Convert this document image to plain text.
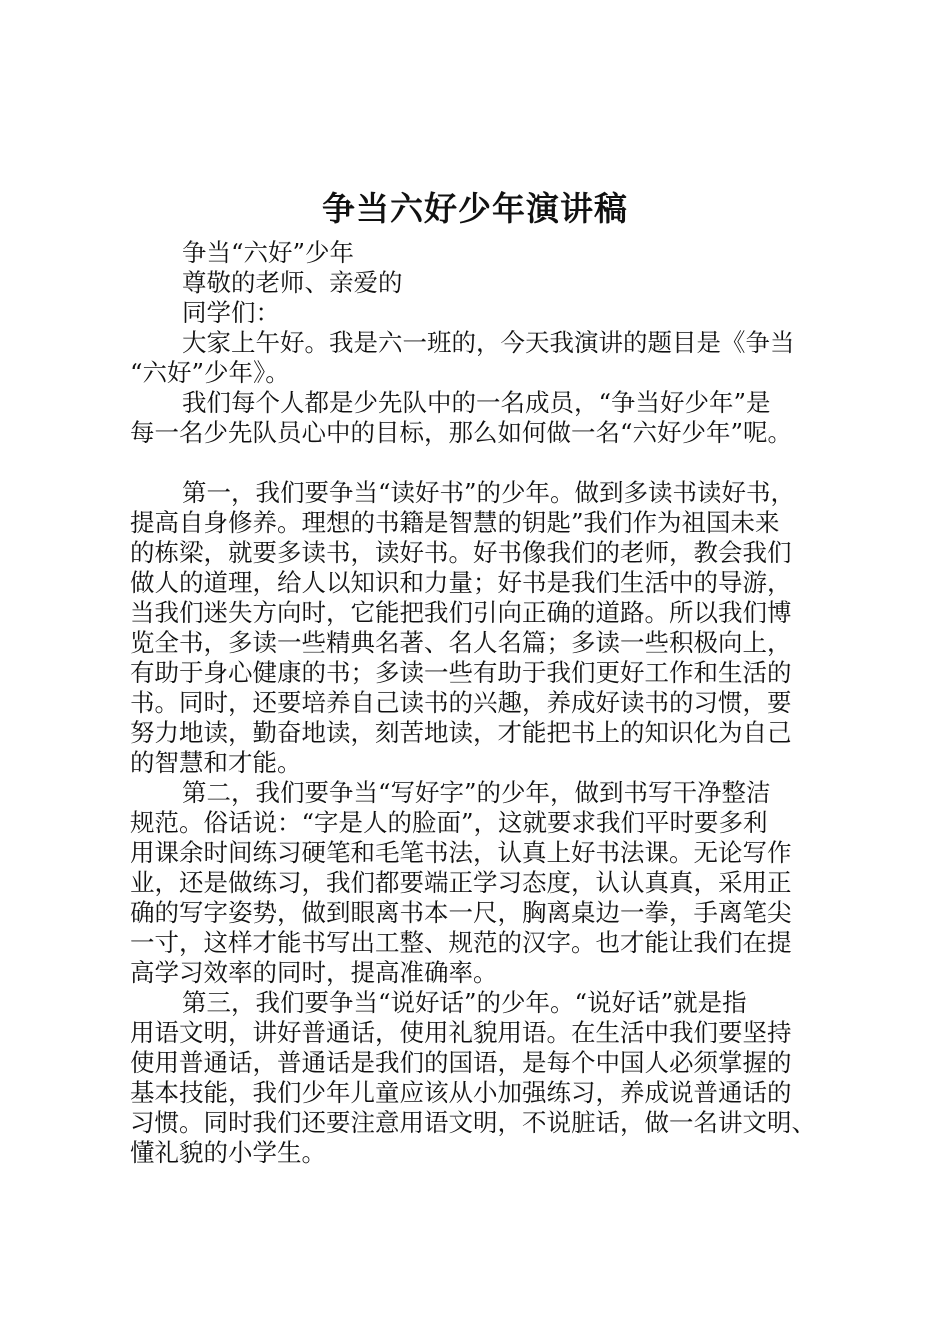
争当六好少年演讲稿

争当“六好”少年

尊敬的老师、亲爱的

同学们：

大家上午好。我是六一班的，今天我演讲的题目是《争当

“六好”少年》。

我们每个人都是少先队中的一名成员，“争当好少年”是

每一名少先队员心中的目标，那么如何做一名“六好少年”呢。

第一，我们要争当“读好书”的少年。做到多读书读好书，

提高自身修养。理想的书籍是智慧的钥匙”我们作为祖国未来

的栋梁，就要多读书，读好书。好书像我们的老师，教会我们

做人的道理，给人以知识和力量；好书是我们生活中的导游，

当我们迷失方向时，它能把我们引向正确的道路。所以我们博

览全书，多读一些精典名著、名人名篇；多读一些积极向上，

有助于身心健康的书；多读一些有助于我们更好工作和生活的

书。同时，还要培养自己读书的兴趣，养成好读书的习惯，要

努力地读，勤奋地读，刻苦地读，才能把书上的知识化为自己

的智慧和才能。

第二，我们要争当“写好字”的少年，做到书写干净整洁

规范。俗话说：“字是人的脸面”，这就要求我们平时要多利

用课余时间练习硬笔和毛笔书法，认真上好书法课。无论写作

业，还是做练习，我们都要端正学习态度，认认真真，采用正

确的写字姿势，做到眼离书本一尺，胸离桌边一拳，手离笔尖

一寸，这样才能书写出工整、规范的汉字。也才能让我们在提

高学习效率的同时，提高准确率。

第三，我们要争当“说好话”的少年。“说好话”就是指

用语文明，讲好普通话，使用礼貌用语。在生活中我们要坚持

使用普通话，普通话是我们的国语，是每个中国人必须掌握的

基本技能，我们少年儿童应该从小加强练习，养成说普通话的

习惯。同时我们还要注意用语文明，不说脏话，做一名讲文明、

懂礼貌的小学生。
